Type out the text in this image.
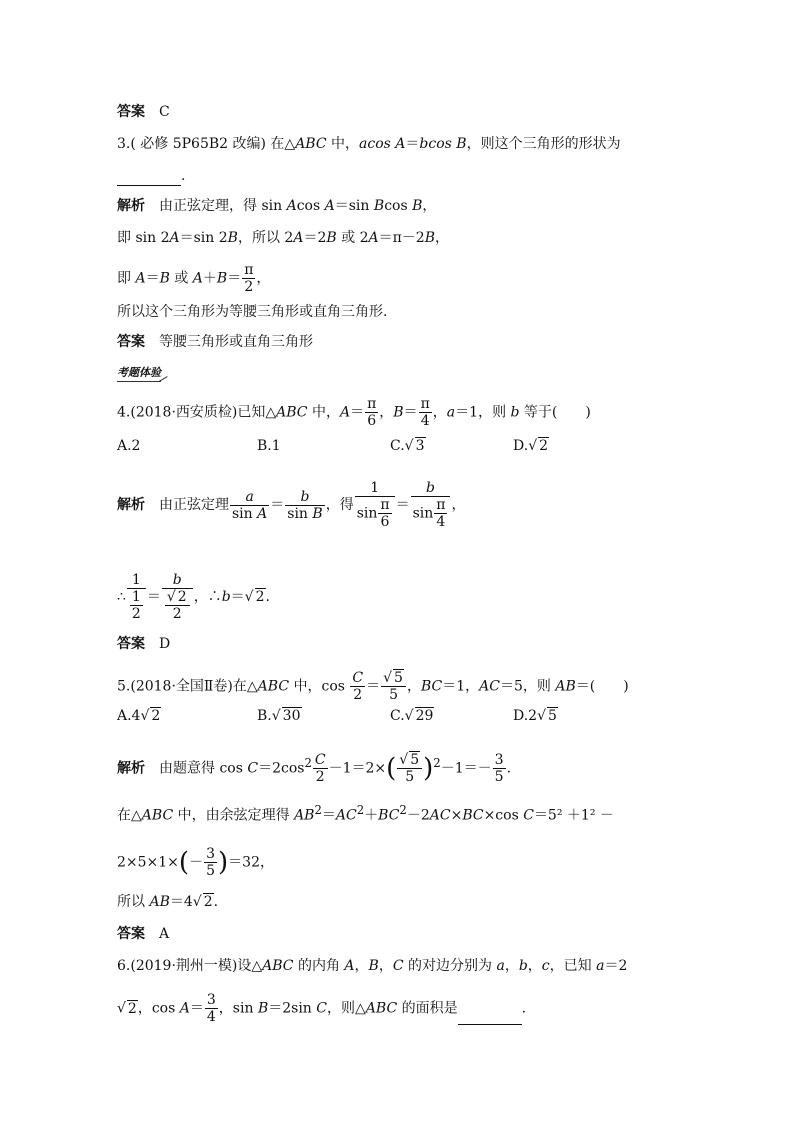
答案 C
3.( 必修 5P65B2 改编) 在△ABC 中，acos A＝bcos B，则这个三角形的形状为
.
解析 由正弦定理，得 sin Acos A＝sin Bcos B，
即 sin 2A＝sin 2B，所以 2A＝2B 或 2A＝π－2B，
即 A＝B 或 $A+B= \frac{\pi}{2}$ ，
所以这个三角形为等腰三角形或直角三角形.
答案 等腰三角形或直角三角形
考题体验
4.(2018·西安质检)已知△ABC 中，$A= \frac{\pi}{6}$ ，$B= \frac{\pi}{4}$ ，a＝1，则 b 等于(　　)
A.2	B.1	C.√ 3	D.√ 2
解析 由正弦定理 $\frac{a}{\text{sin A}} = \frac{b}{\text{sin B}}$ ，得 $\frac{1}{\sin \frac{\pi}{6}} = \frac{b}{\sin \frac{\pi}{4}}$ ，
∴ 1
1
2 ＝ b
√ 2
2 ，∴b＝√ 2.
答案 D
5.(2018·全国Ⅱ卷)在△ABC 中，$\cos \frac{C}{2} = \frac{√ 5}{5}$ ，BC＝1，AC＝5，则 AB＝(　　)
A.4√ 2	B.√ 30	C.√ 29	D.2√ 5
解析 由题意得 $\cos C=2\cos^2 \frac{C}{2} -1=2\times( \frac{√ 5}{5} )^2-1=- \frac{3}{5}$ .
在△ABC 中，由余弦定理得 $AB^2=AC^2+BC^2-2AC\times BC\times\cos$ C＝5² ＋1² －
$2\times 5\times 1\times(- \frac{3}{5} )=32$，
所以 AB＝4√ 2.
答案 A
6.(2019·荆州一模)设△ABC 的内角 A，B，C 的对边分别为 a，b，c，已知 a＝2
√ 2，$\cos A= \frac{3}{4}$ ，sin B＝2sin C，则△ABC 的面积是	.
